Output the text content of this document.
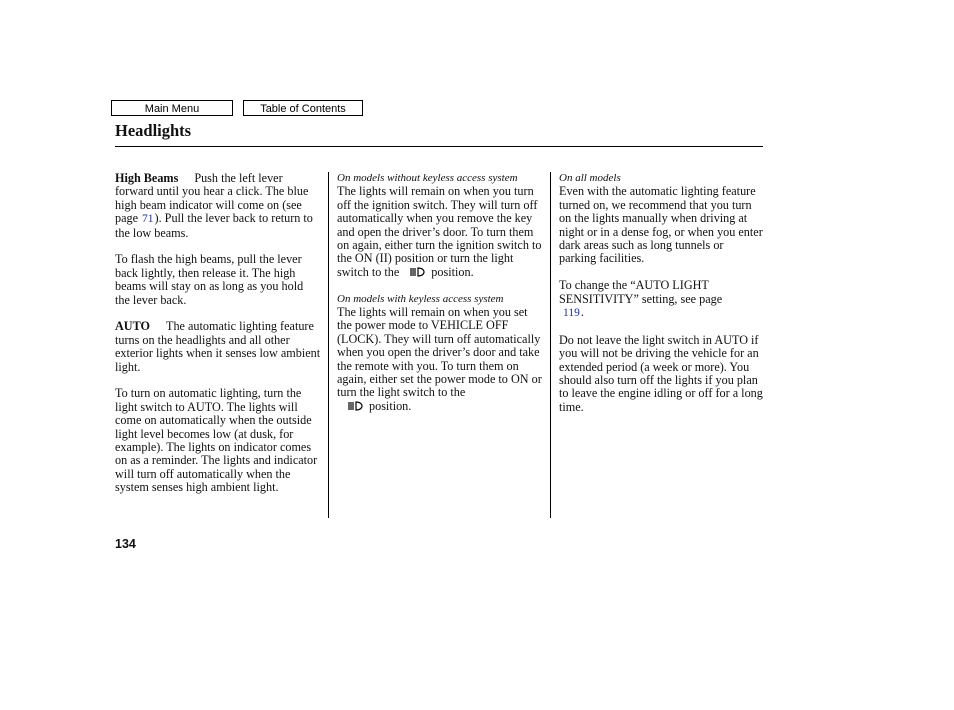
Main Menu	Table of Contents
Headlights

High Beams Push the left lever forward until you hear a click. The blue high beam indicator will come on (see page 71). Pull the lever back to return to the low beams.

To flash the high beams, pull the lever back lightly, then release it. The high beams will stay on as long as you hold the lever back.

AUTO The automatic lighting feature turns on the headlights and all other exterior lights when it senses low ambient light.

To turn on automatic lighting, turn the light switch to AUTO. The lights will come on automatically when the outside light level becomes low (at dusk, for example). The lights on indicator comes on as a reminder. The lights and indicator will turn off automatically when the system senses high ambient light.

On models without keyless access system

The lights will remain on when you turn off the ignition switch. They will turn off automatically when you remove the key and open the driver’s door. To turn them on again, either turn the ignition switch to the ON (II) position or turn the light switch to the	position.

On models with keyless access system

The lights will remain on when you set the power mode to VEHICLE OFF (LOCK). They will turn off automatically when you open the driver’s door and take the remote with you. To turn them on again, either set the power mode to ON or turn the light switch to the
position.

On all models

Even with the automatic lighting feature turned on, we recommend that you turn on the lights manually when driving at night or in a dense fog, or when you enter dark areas such as long tunnels or parking facilities.

To change the “AUTO LIGHT SENSITIVITY” setting, see page
119.

Do not leave the light switch in AUTO if you will not be driving the vehicle for an extended period (a week or more). You should also turn off the lights if you plan to leave the engine idling or off for a long time.

134
